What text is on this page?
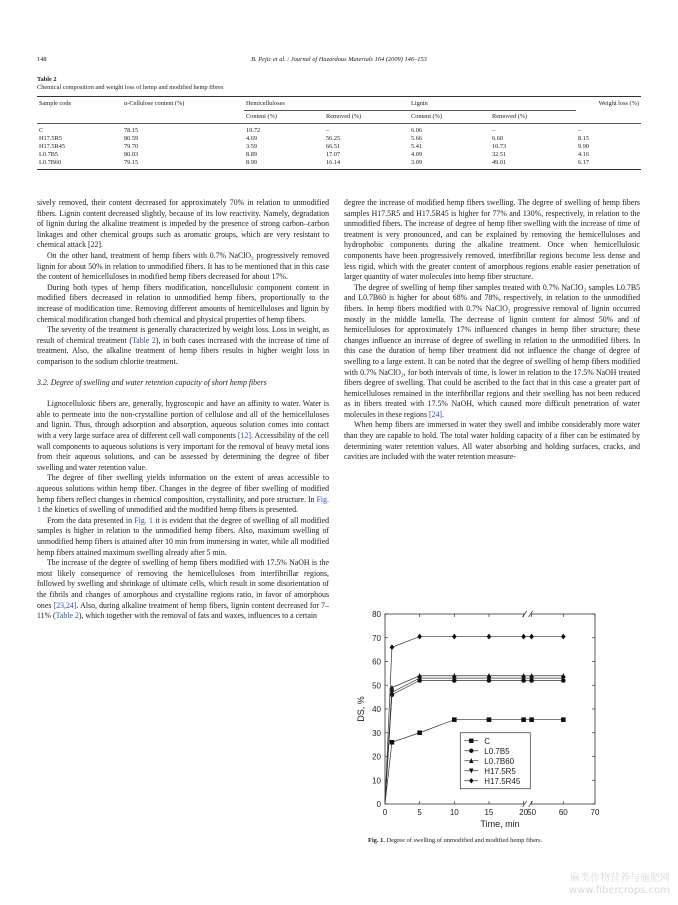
148	B. Pejic et al. / Journal of Hazardous Materials 164 (2009) 146–153
Table 2
Chemical composition and weight loss of hemp and modified hemp fibres
Sample code	α-Cellulose content (%)	Hemicelluloses		Lignin		Weight loss (%)
		Content (%)	Removed (%)	Content (%)	Removed (%)	
C	78.15	10.72	–	6.06	–	–
H17.5R5	80.59	4.69	56.25	5.66	6.60	8.15
H17.5R45	79.70	3.59	66.51	5.41	10.73	9.90
L0.7B5	80.03	8.89	17.07	4.09	32.51	4.16
L0.7B60	79.15	8.99	16.14	3.09	49.01	6.17

sively removed, their content decreased for approximately 70% in relation to unmodified fibers. Lignin content decreased slightly, because of its low reactivity. Namely, degradation of lignin during the alkaline treatment is impeded by the presence of strong carbon–carbon linkages and other chemical groups such as aromatic groups, which are very resistant to chemical attack [22].

On the other hand, treatment of hemp fibers with 0.7% NaClO₂ progressively removed lignin for about 50% in relation to unmodified fibers. It has to be mentioned that in this case the content of hemicelluloses in modified hemp fibers decreased for about 17%.

During both types of hemp fibers modification, noncellulosic component content in modified fibers decreased in relation to unmodified hemp fibers, proportionally to the increase of modification time. Removing different amounts of hemicelluloses and lignin by chemical modification changed both chemical and physical properties of hemp fibers.

The severity of the treatment is generally characterized by weight loss. Loss in weight, as result of chemical treatment (Table 2), in both cases increased with the increase of time of treatment. Also, the alkaline treatment of hemp fibers results in higher weight loss in comparison to the sodium chlorite treatment.

3.2. Degree of swelling and water retention capacity of short hemp fibers

Lignocellulosic fibers are, generally, hygroscopic and have an affinity to water. Water is able to permeate into the non-crystalline portion of cellulose and all of the hemicelluloses and lignin. Thus, through adsorption and absorption, aqueous solution comes into contact with a very large surface area of different cell wall components [12]. Accessibility of the cell wall components to aqueous solutions is very important for the removal of heavy metal ions from their aqueous solutions, and can be assessed by determining the degree of fiber swelling and water retention value.

The degree of fiber swelling yields information on the extent of areas accessible to aqueous solutions within hemp fiber. Changes in the degree of fiber swelling of modified hemp fibers reflect changes in chemical composition, crystallinity, and pore structure. In Fig. 1 the kinetics of swelling of unmodified and the modified hemp fibers is presented.

From the data presented in Fig. 1 it is evident that the degree of swelling of all modified samples is higher in relation to the unmodified hemp fibers. Also, maximum swelling of unmodified hemp fibers is attained after 10 min from immersing in water, while all modified hemp fibers attained maximum swelling already after 5 min.

The increase of the degree of swelling of hemp fibers modified with 17.5% NaOH is the most likely consequence of removing the hemicelluloses from interfibrillar regions, followed by swelling and shrinkage of ultimate cells, which result in some disorientation of the fibrils and changes of amorphous and crystalline regions ratio, in favor of amorphous ones [23,24]. Also, during alkaline treatment of hemp fibers, lignin content decreased for 7–11% (Table 2), which together with the removal of fats and waxes, influences to a certain

degree the increase of modified hemp fibers swelling. The degree of swelling of hemp fibers samples H17.5R5 and H17.5R45 is higher for 77% and 130%, respectively, in relation to the unmodified fibers. The increase of degree of hemp fiber swelling with the increase of time of treatment is very pronounced, and can be explained by removing the hemicelluloses and hydrophobic components during the alkaline treatment. Once when hemicellulosic components have been progressively removed, interfibrillar regions become less dense and less rigid, which with the greater content of amorphous regions enable easier penetration of larger quantity of water molecules into hemp fiber structure.

The degree of swelling of hemp fiber samples treated with 0.7% NaClO₂ samples L0.7B5 and L0.7B60 is higher for about 68% and 78%, respectively, in relation to the unmodified fibers. In hemp fibers modified with 0.7% NaClO₂ progressive removal of lignin occurred mostly in the middle lamella. The decrease of lignin content for almost 50% and of hemicelluloses for approximately 17% influenced changes in hemp fiber structure; these changes influence an increase of degree of swelling in relation to the unmodified fibers. In this case the duration of hemp fiber treatment did not influence the change of degree of swelling to a large extent. It can be noted that the degree of swelling of hemp fibers modified with 0.7% NaClO₂, for both intervals of time, is lower in relation to the 17.5% NaOH treated fibers degree of swelling. That could be ascribed to the fact that in this case a greater part of hemicelluloses remained in the interfibrillar regions and their swelling has not been reduced as in fibers treated with 17.5% NaOH, which caused more difficult penetration of water molecules in these regions [24].

When hemp fibers are immersed in water they swell and imbibe considerably more water than they are capable to hold. The total water holding capacity of a fiber can be estimated by determining water retention values. All water absorbing and holding surfaces, cracks, and cavities are included with the water retention measure-

0
10
20
30
40
50
60
70
80
0	5	10	15	20 50	60	70
Time, min
DS, %
C
L0.7B5
L0.7B60
H17.5R5
H17.5R45
Fig. 1. Degree of swelling of unmodified and modified hemp fibers.
麻类作物营养与施肥网
www.fibercrops.com
